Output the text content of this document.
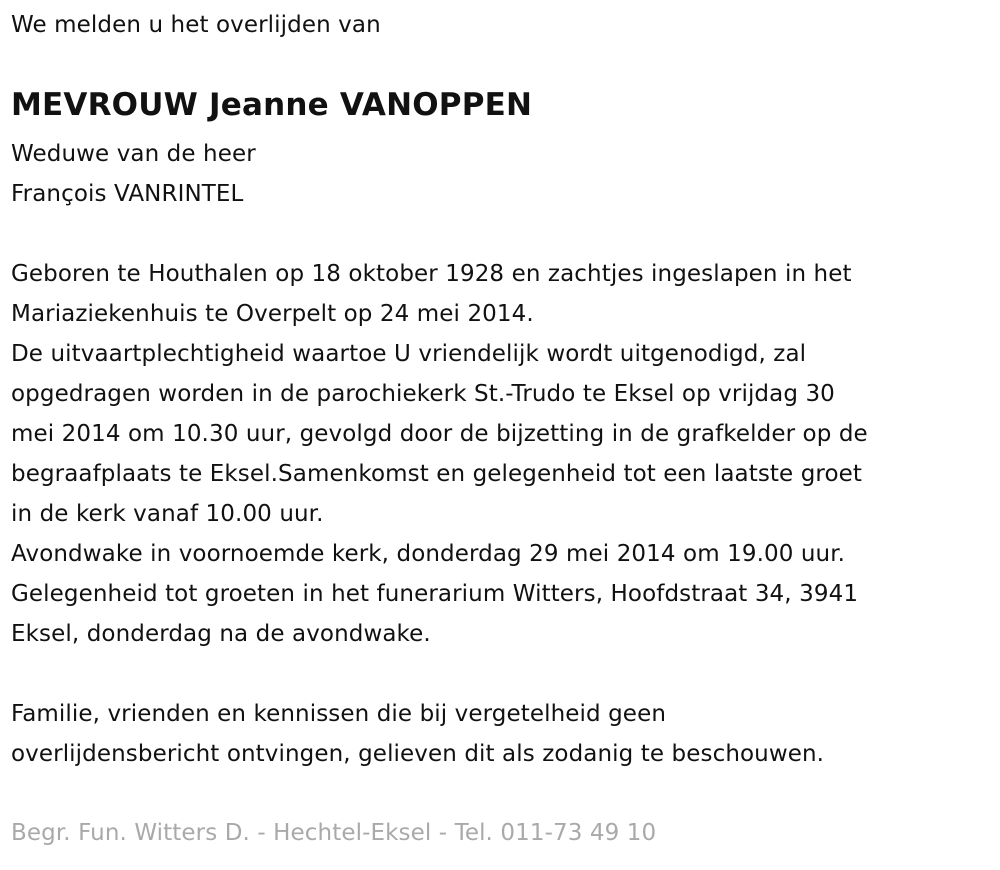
We melden u het overlijden van
MEVROUW Jeanne VANOPPEN
Weduwe van de heer
François VANRINTEL
Geboren te Houthalen op 18 oktober 1928 en zachtjes ingeslapen in het
Mariaziekenhuis te Overpelt op 24 mei 2014.
De uitvaartplechtigheid waartoe U vriendelijk wordt uitgenodigd, zal
opgedragen worden in de parochiekerk St.-Trudo te Eksel op vrijdag 30
mei 2014 om 10.30 uur, gevolgd door de bijzetting in de grafkelder op de
begraafplaats te Eksel.Samenkomst en gelegenheid tot een laatste groet
in de kerk vanaf 10.00 uur.
Avondwake in voornoemde kerk, donderdag 29 mei 2014 om 19.00 uur.
Gelegenheid tot groeten in het funerarium Witters, Hoofdstraat 34, 3941
Eksel, donderdag na de avondwake.
Familie, vrienden en kennissen die bij vergetelheid geen
overlijdensbericht ontvingen, gelieven dit als zodanig te beschouwen.
Begr. Fun. Witters D. - Hechtel-Eksel - Tel. 011-73 49 10
